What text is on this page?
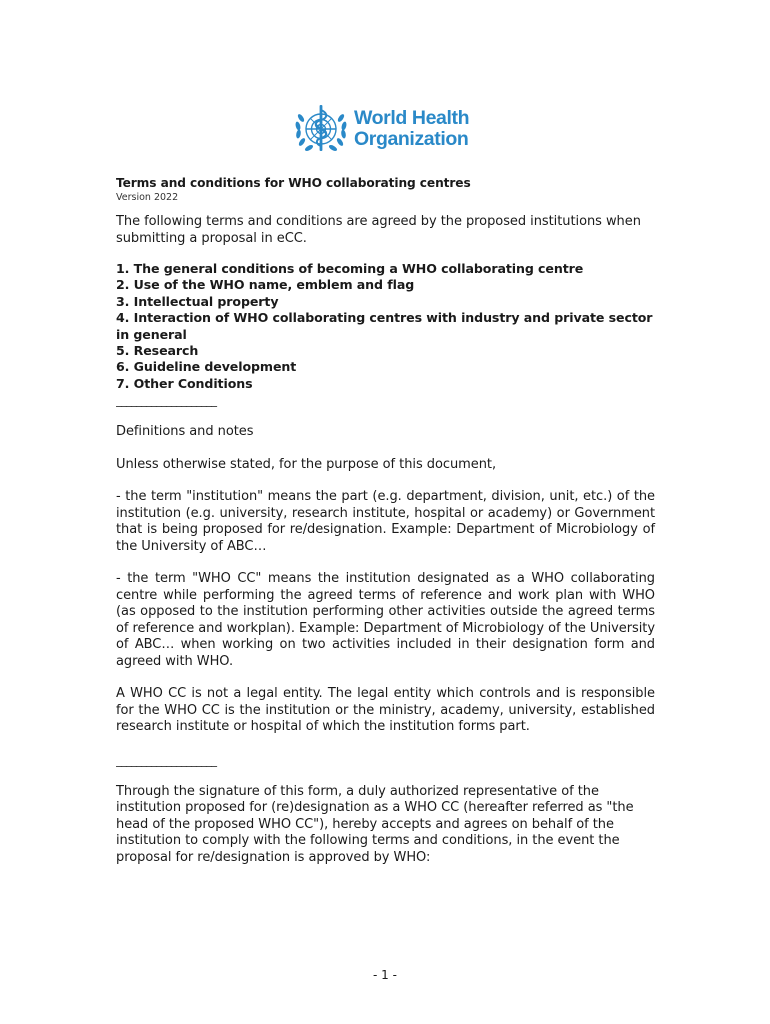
World Health
Organization
Terms and conditions for WHO collaborating centres
Version 2022

The following terms and conditions are agreed by the proposed institutions when submitting a proposal in eCC.

1. The general conditions of becoming a WHO collaborating centre
2. Use of the WHO name, emblem and flag
3. Intellectual property
4. Interaction of WHO collaborating centres with industry and private sector in general
5. Research
6. Guideline development
7. Other Conditions
____________________

Definitions and notes

Unless otherwise stated, for the purpose of this document,

- the term "institution" means the part (e.g. department, division, unit, etc.) of the institution (e.g. university, research institute, hospital or academy) or Government that is being proposed for re/designation. Example: Department of Microbiology of the University of ABC…

- the term "WHO CC" means the institution designated as a WHO collaborating centre while performing the agreed terms of reference and work plan with WHO (as opposed to the institution performing other activities outside the agreed terms of reference and workplan). Example: Department of Microbiology of the University of ABC… when working on two activities included in their designation form and agreed with WHO.

A WHO CC is not a legal entity. The legal entity which controls and is responsible for the WHO CC is the institution or the ministry, academy, university, established research institute or hospital of which the institution forms part.

____________________

Through the signature of this form, a duly authorized representative of the institution proposed for (re)designation as a WHO CC (hereafter referred as "the head of the proposed WHO CC"), hereby accepts and agrees on behalf of the institution to comply with the following terms and conditions, in the event the proposal for re/designation is approved by WHO:

- 1 -
